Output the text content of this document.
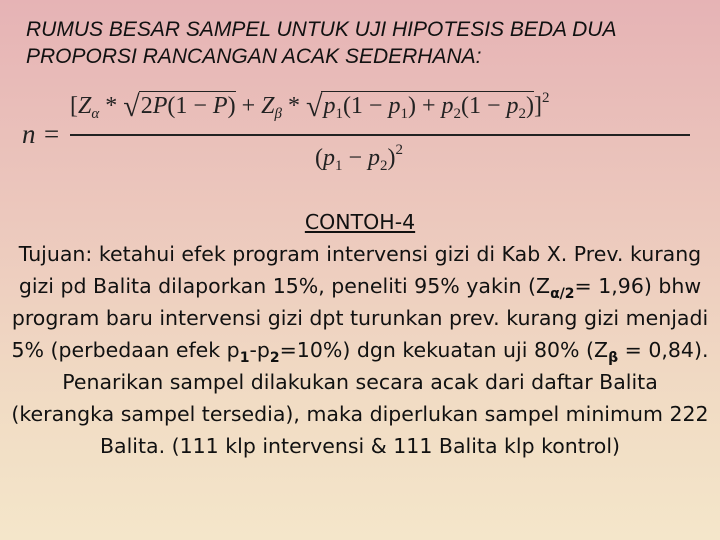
RUMUS BESAR SAMPEL UNTUK UJI HIPOTESIS BEDA DUA PROPORSI RANCANGAN ACAK SEDERHANA:
n =
$[Z_\alpha * √2P(1 - P) + Z_\beta * √p_1(1 - p_1) + p_2(1 - p_2)]^2$
$(p_1 - p_2)^2$
CONTOH-4

Tujuan: ketahui efek program intervensi gizi di Kab X. Prev. kurang gizi pd Balita dilaporkan 15%, peneliti 95% yakin $(Z_{\alpha/2}= 1,96)$ bhw program baru intervensi gizi dpt turunkan prev. kurang gizi menjadi 5% (perbedaan efek $p_1-p_2=10\%$) dgn kekuatan uji 80% $(Z_\beta = 0,84)$. Penarikan sampel dilakukan secara acak dari daftar Balita (kerangka sampel tersedia), maka diperlukan sampel minimum 222 Balita. (111 klp intervensi & 111 Balita klp kontrol)
